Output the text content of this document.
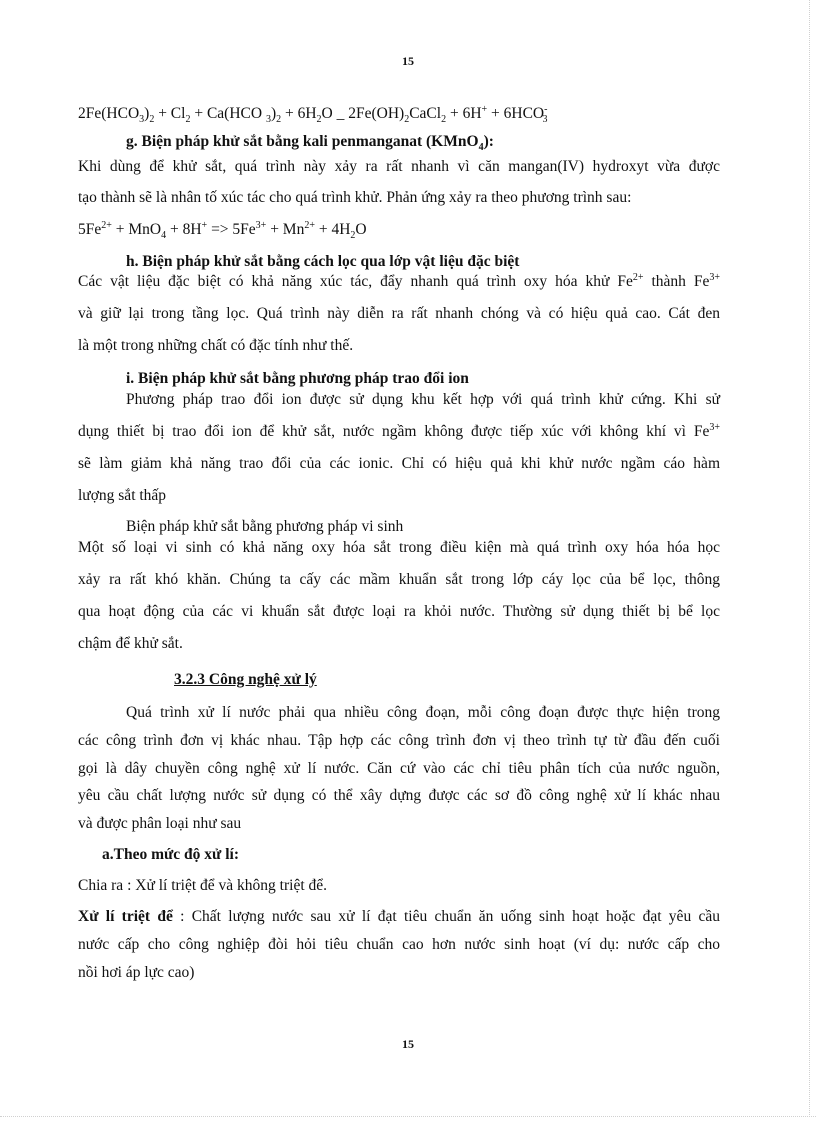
15
$2Fe(HCO_3)_2 + Cl_2 + Ca(HCO$ $_3)_2 + 6H_2O$ _ $2Fe(OH)_2CaCl_2 + 6H^+ + 6HCO^-_3$
g. Biện pháp khử sắt bằng kali penmanganat (KMnO$_4$):
Khi dùng để khử sắt, quá trình này xảy ra rất nhanh vì căn mangan(IV) hydroxyt vừa được
tạo thành sẽ là nhân tố xúc tác cho quá trình khử. Phản ứng xảy ra theo phương trình sau:
$5Fe^{2+} + MnO_4 + 8H^+ => 5Fe^{3+} + Mn^{2+} + 4H_2O$
h. Biện pháp khử sắt bằng cách lọc qua lớp vật liệu đặc biệt
Các vật liệu đặc biệt có khả năng xúc tác, đẩy nhanh quá trình oxy hóa khử $Fe^{2+}$ thành $Fe^{3+}$
và giữ lại trong tầng lọc. Quá trình này diễn ra rất nhanh chóng và có hiệu quả cao. Cát đen
là một trong những chất có đặc tính như thế.
i. Biện pháp khử sắt bằng phương pháp trao đổi ion
Phương pháp trao đổi ion được sử dụng khu kết hợp với quá trình khử cứng. Khi sử
dụng thiết bị trao đổi ion để khử sắt, nước ngầm không được tiếp xúc với không khí vì $Fe^{3+}$
sẽ làm giảm khả năng trao đổi của các ionic. Chỉ có hiệu quả khi khử nước ngầm cáo hàm
lượng sắt thấp
Biện pháp khử sắt bằng phương pháp vi sinh
Một số loại vi sinh có khả năng oxy hóa sắt trong điều kiện mà quá trình oxy hóa hóa học
xảy ra rất khó khăn. Chúng ta cấy các mầm khuẩn sắt trong lớp cáy lọc của bể lọc, thông
qua hoạt động của các vi khuẩn sắt được loại ra khỏi nước. Thường sử dụng thiết bị bể lọc
chậm để khử sắt.
3.2.3 Công nghệ xử lý
Quá trình xử lí nước phải qua nhiều công đoạn, mỗi công đoạn được thực hiện trong
các công trình đơn vị khác nhau. Tập hợp các công trình đơn vị theo trình tự từ đầu đến cuối
gọi là dây chuyền công nghệ xử lí nước. Căn cứ vào các chỉ tiêu phân tích của nước nguồn,
yêu cầu chất lượng nước sử dụng có thể xây dựng được các sơ đồ công nghệ xử lí khác nhau
và được phân loại như sau
a.Theo mức độ xử lí:
Chia ra : Xử lí triệt để và không triệt để.
Xử lí triệt để : Chất lượng nước sau xử lí đạt tiêu chuẩn ăn uống sinh hoạt hoặc đạt yêu cầu
nước cấp cho công nghiệp đòi hỏi tiêu chuẩn cao hơn nước sinh hoạt (ví dụ: nước cấp cho
nồi hơi áp lực cao)
15
